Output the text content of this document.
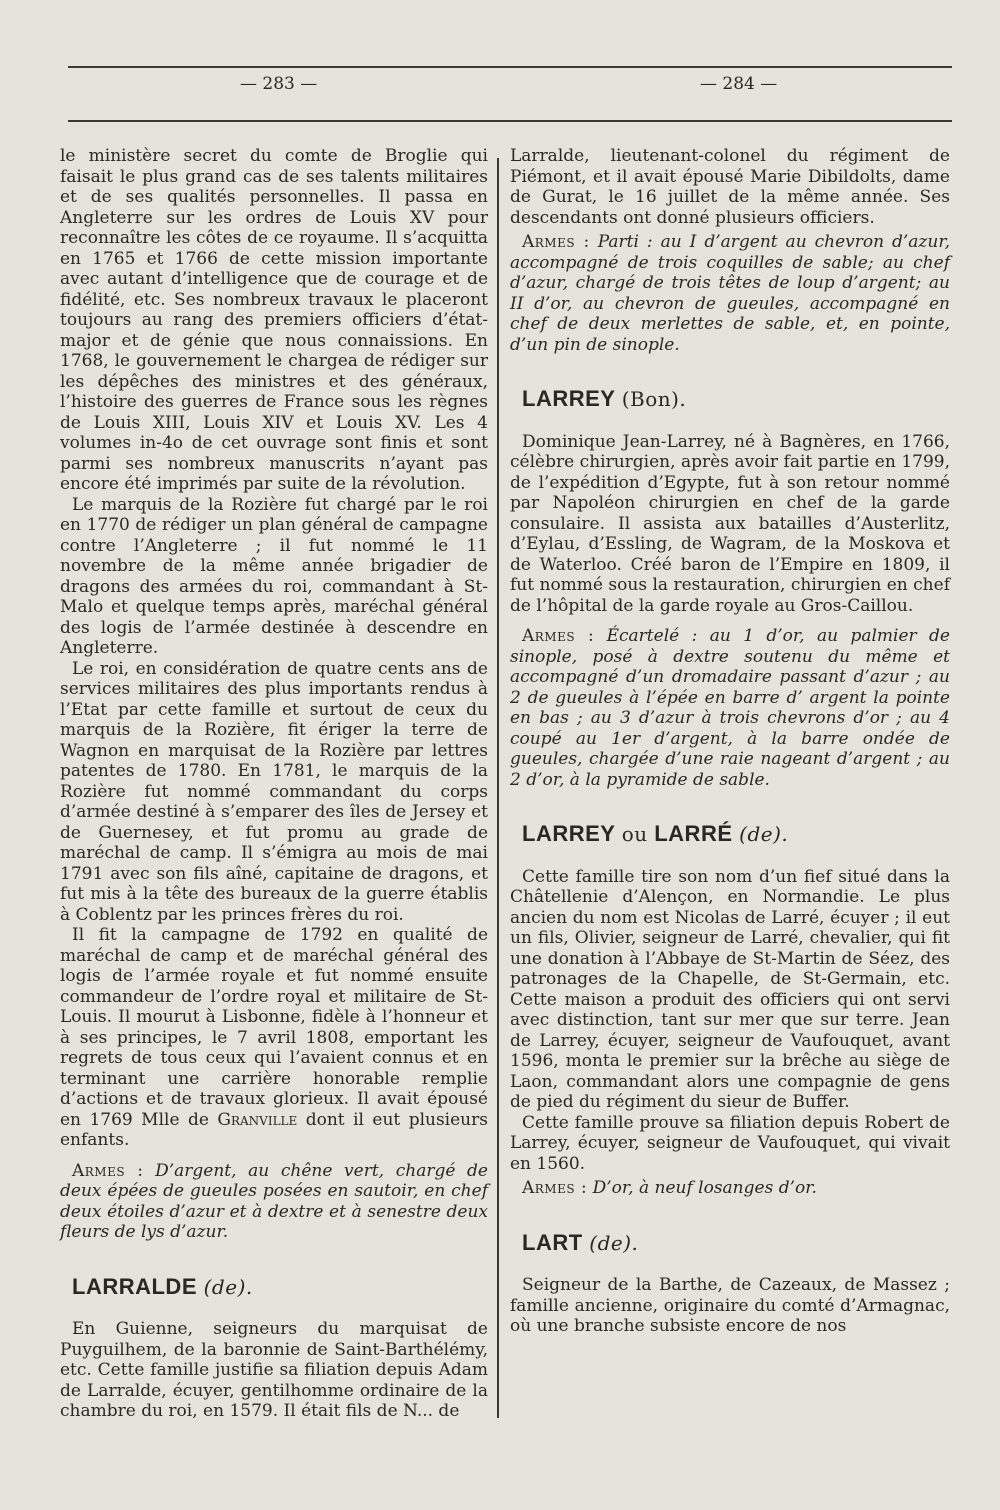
— 283 —	— 284 —

le ministère secret du comte de Broglie qui faisait le plus grand cas de ses talents militaires et de ses qualités personnelles. Il passa en Angleterre sur les ordres de Louis XV pour reconnaître les côtes de ce royaume. Il s’acquitta en 1765 et 1766 de cette mission importante avec autant d’intelligence que de courage et de fidélité, etc. Ses nombreux travaux le placeront toujours au rang des premiers officiers d’état-major et de génie que nous connaissions. En 1768, le gouvernement le chargea de rédiger sur les dépêches des ministres et des généraux, l’histoire des guerres de France sous les règnes de Louis XIII, Louis XIV et Louis XV. Les 4 volumes in-4o de cet ouvrage sont finis et sont parmi ses nombreux manuscrits n’ayant pas encore été imprimés par suite de la révolution.

Le marquis de la Rozière fut chargé par le roi en 1770 de rédiger un plan général de campagne contre l’Angleterre ; il fut nommé le 11 novembre de la même année brigadier de dragons des armées du roi, commandant à St-Malo et quelque temps après, maréchal général des logis de l’armée destinée à descendre en Angleterre.

Le roi, en considération de quatre cents ans de services militaires des plus importants rendus à l’Etat par cette famille et surtout de ceux du marquis de la Rozière, fit ériger la terre de Wagnon en marquisat de la Rozière par lettres patentes de 1780. En 1781, le marquis de la Rozière fut nommé commandant du corps d’armée destiné à s’emparer des îles de Jersey et de Guernesey, et fut promu au grade de maréchal de camp. Il s’émigra au mois de mai 1791 avec son fils aîné, capitaine de dragons, et fut mis à la tête des bureaux de la guerre établis à Coblentz par les princes frères du roi.

Il fit la campagne de 1792 en qualité de maréchal de camp et de maréchal général des logis de l’armée royale et fut nommé ensuite commandeur de l’ordre royal et militaire de St-Louis. Il mourut à Lisbonne, fidèle à l’honneur et à ses principes, le 7 avril 1808, emportant les regrets de tous ceux qui l’avaient connus et en terminant une carrière honorable remplie d’actions et de travaux glorieux. Il avait épousé en 1769 Mlle de Granville dont il eut plusieurs enfants.

Armes : D’argent, au chêne vert, chargé de deux épées de gueules posées en sautoir, en chef deux étoiles d’azur et à dextre et à senestre deux fleurs de lys d’azur.

LARRALDE (de).

En Guienne, seigneurs du marquisat de Puyguilhem, de la baronnie de Saint-Barthélémy, etc. Cette famille justifie sa filiation depuis Adam de Larralde, écuyer, gentilhomme ordinaire de la chambre du roi, en 1579. Il était fils de N... de

Larralde, lieutenant-colonel du régiment de Piémont, et il avait épousé Marie Dibildolts, dame de Gurat, le 16 juillet de la même année. Ses descendants ont donné plusieurs officiers.

Armes : Parti : au I d’argent au chevron d’azur, accompagné de trois coquilles de sable; au chef d’azur, chargé de trois têtes de loup d’argent; au II d’or, au chevron de gueules, accompagné en chef de deux merlettes de sable, et, en pointe, d’un pin de sinople.

LARREY (Bon).

Dominique Jean-Larrey, né à Bagnères, en 1766, célèbre chirurgien, après avoir fait partie en 1799, de l’expédition d’Egypte, fut à son retour nommé par Napoléon chirurgien en chef de la garde consulaire. Il assista aux batailles d’Austerlitz, d’Eylau, d’Essling, de Wagram, de la Moskova et de Waterloo. Créé baron de l’Empire en 1809, il fut nommé sous la restauration, chirurgien en chef de l’hôpital de la garde royale au Gros-Caillou.

Armes : Écartelé : au 1 d’or, au palmier de sinople, posé à dextre soutenu du même et accompagné d’un dromadaire passant d’azur ; au 2 de gueules à l’épée en barre d’ argent la pointe en bas ; au 3 d’azur à trois chevrons d’or ; au 4 coupé au 1er d’argent, à la barre ondée de gueules, chargée d’une raie nageant d’argent ; au 2 d’or, à la pyramide de sable.

LARREY ou LARRÉ (de).

Cette famille tire son nom d’un fief situé dans la Châtellenie d’Alençon, en Normandie. Le plus ancien du nom est Nicolas de Larré, écuyer ; il eut un fils, Olivier, seigneur de Larré, chevalier, qui fit une donation à l’Abbaye de St-Martin de Séez, des patronages de la Chapelle, de St-Germain, etc. Cette maison a produit des officiers qui ont servi avec distinction, tant sur mer que sur terre. Jean de Larrey, écuyer, seigneur de Vaufouquet, avant 1596, monta le premier sur la brêche au siège de Laon, commandant alors une compagnie de gens de pied du régiment du sieur de Buffer.

Cette famille prouve sa filiation depuis Robert de Larrey, écuyer, seigneur de Vaufouquet, qui vivait en 1560.

Armes : D’or, à neuf losanges d’or.

LART (de).

Seigneur de la Barthe, de Cazeaux, de Massez ; famille ancienne, originaire du comté d’Armagnac, où une branche subsiste encore de nos
